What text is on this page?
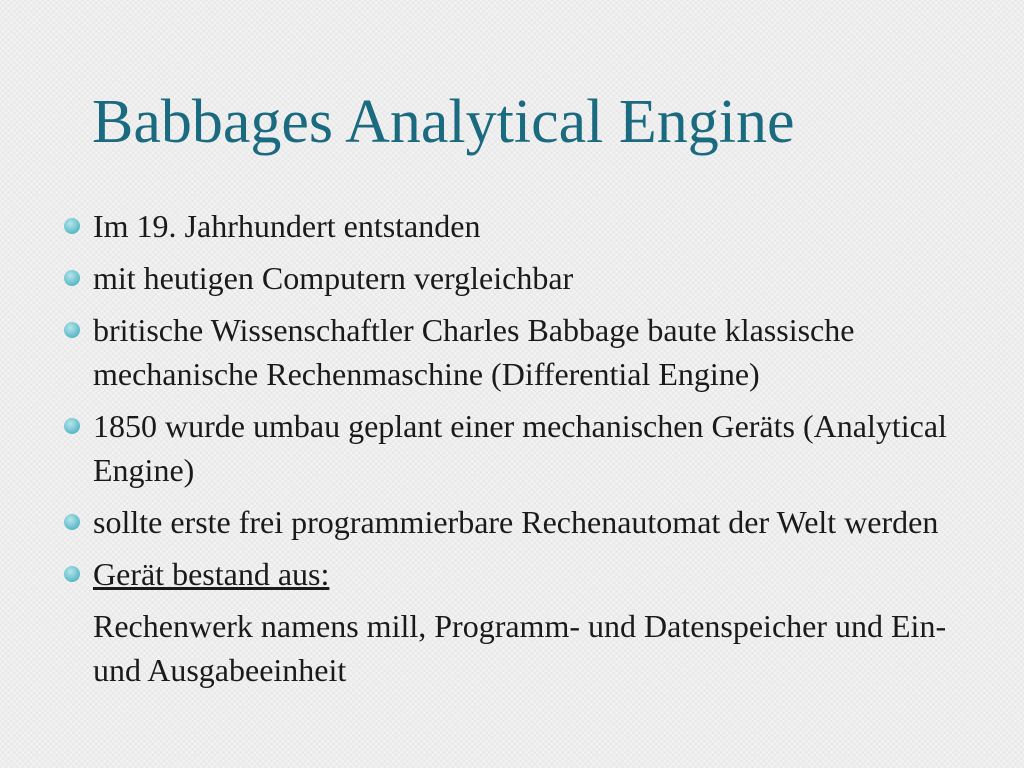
Babbages Analytical Engine
Im 19. Jahrhundert entstanden
mit heutigen Computern vergleichbar
britische Wissenschaftler Charles Babbage baute klassische mechanische Rechenmaschine (Differential Engine)
1850 wurde umbau geplant einer mechanischen Geräts (Analytical Engine)
sollte erste frei programmierbare Rechenautomat der Welt werden
Gerät bestand aus:
Rechenwerk namens mill, Programm- und Datenspeicher und Ein- und Ausgabeeinheit
